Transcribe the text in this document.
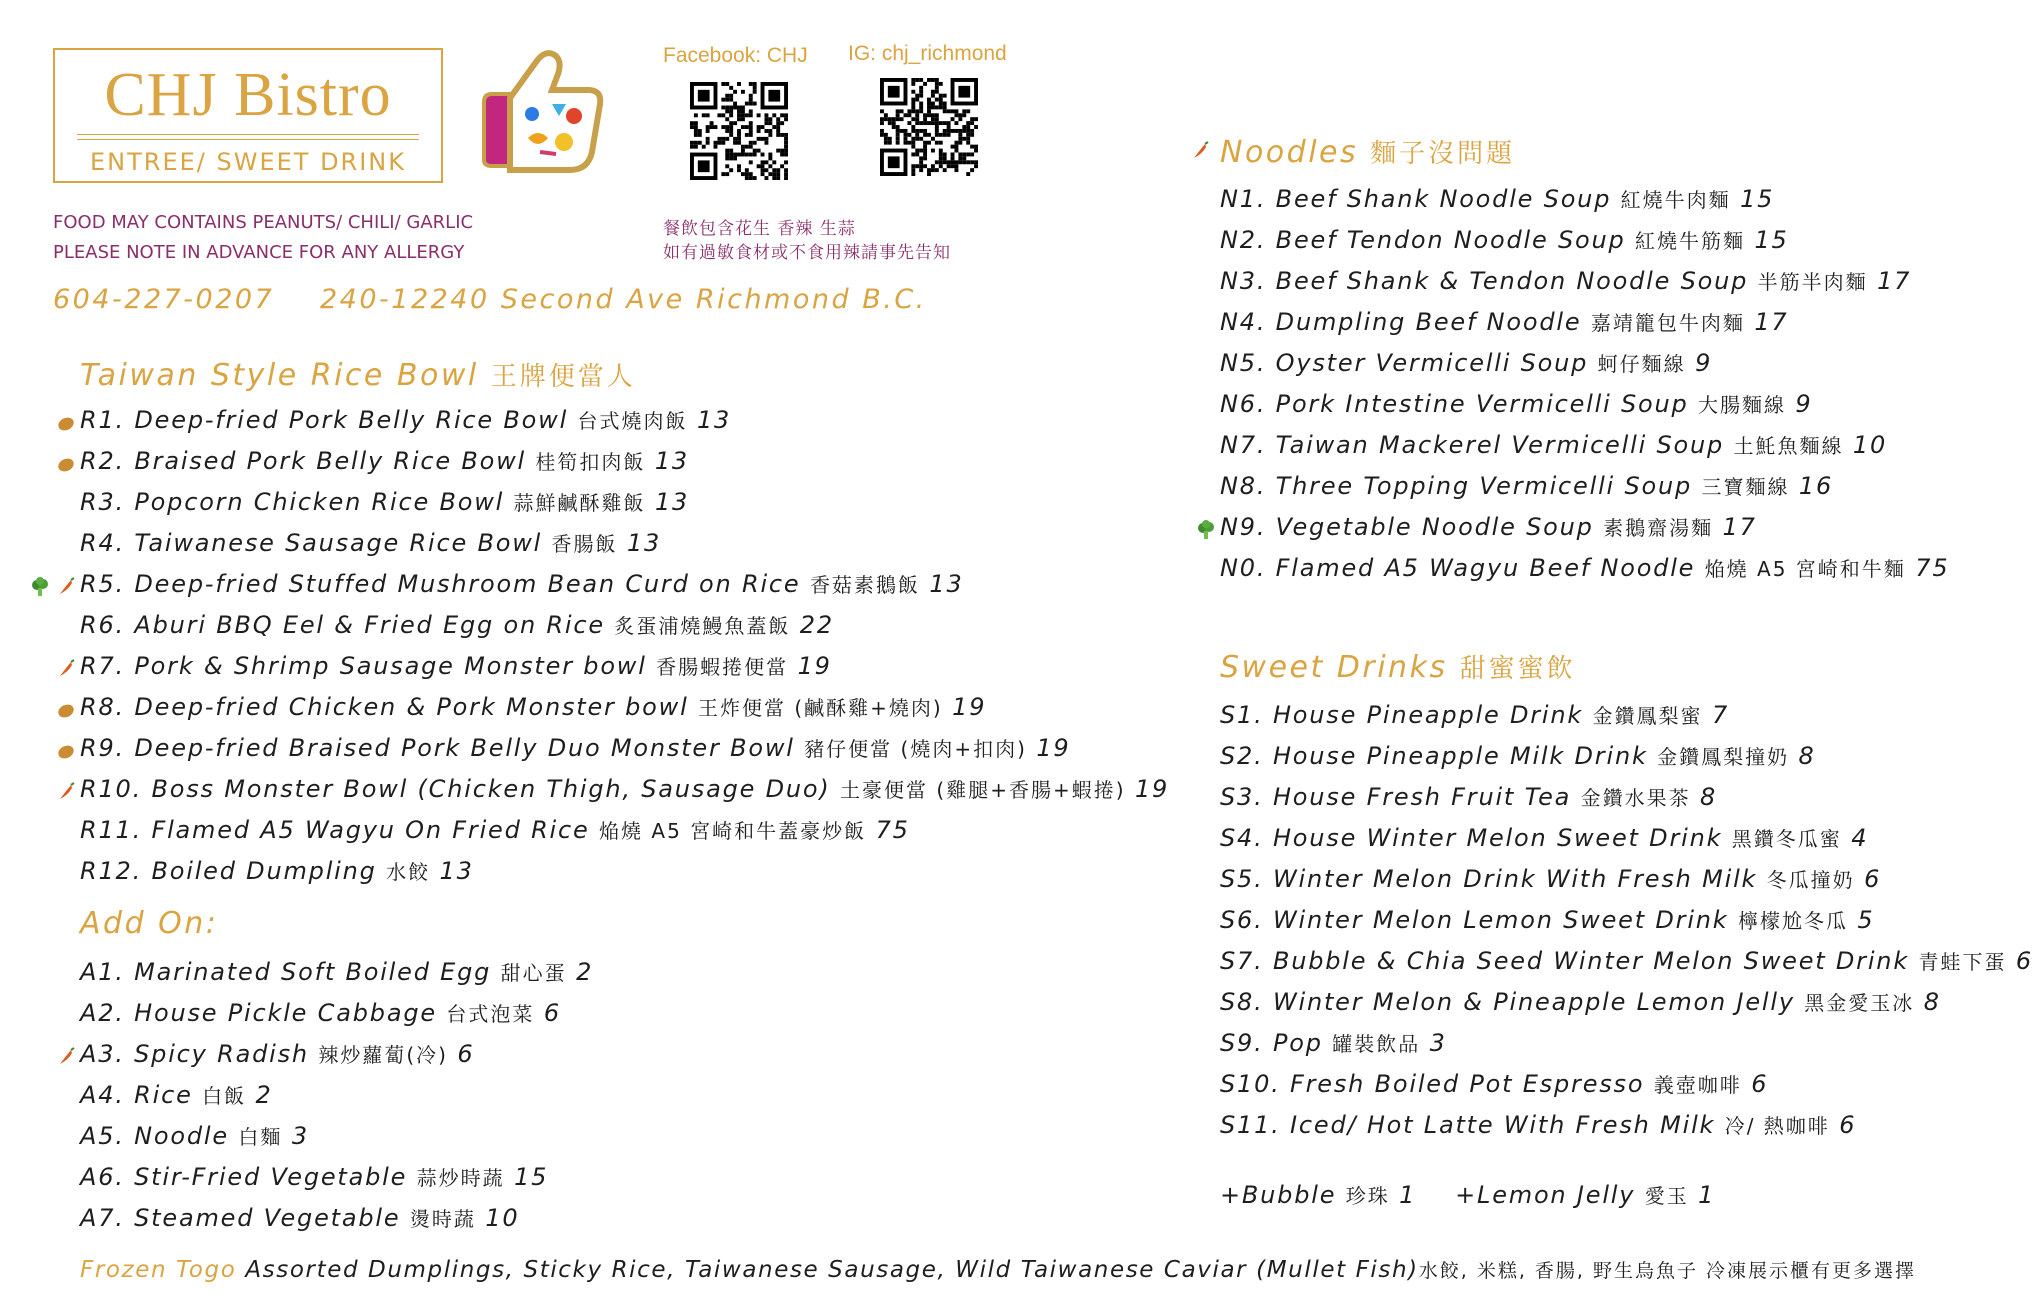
CHJ Bistro
ENTREE/ SWEET DRINK
Facebook: CHJ IG: chj_richmond
FOOD MAY CONTAINS PEANUTS/ CHILI/ GARLIC
PLEASE NOTE IN ADVANCE FOR ANY ALLERGY
餐飲包含花生 香辣 生蒜
如有過敏食材或不食用辣請事先告知
604-227-0207 240-12240 Second Ave Richmond B.C.
Taiwan Style Rice Bowl 王牌便當人
Add On:
Noodles 麵子沒問題
Sweet Drinks 甜蜜蜜飲
R1. Deep-fried Pork Belly Rice Bowl 台式燒肉飯 13
R2. Braised Pork Belly Rice Bowl 桂筍扣肉飯 13
R3. Popcorn Chicken Rice Bowl 蒜鮮鹹酥雞飯 13
R4. Taiwanese Sausage Rice Bowl 香腸飯 13
R5. Deep-fried Stuffed Mushroom Bean Curd on Rice 香菇素鵝飯 13
R6. Aburi BBQ Eel & Fried Egg on Rice 炙蛋浦燒鰻魚蓋飯 22
R7. Pork & Shrimp Sausage Monster bowl 香腸蝦捲便當 19
R8. Deep-fried Chicken & Pork Monster bowl 王炸便當 (鹹酥雞+燒肉) 19
R9. Deep-fried Braised Pork Belly Duo Monster Bowl 豬仔便當 (燒肉+扣肉) 19
R10. Boss Monster Bowl (Chicken Thigh, Sausage Duo) 土豪便當 (雞腿+香腸+蝦捲) 19
R11. Flamed A5 Wagyu On Fried Rice 焔燒 A5 宮崎和牛蓋豪炒飯 75
R12. Boiled Dumpling 水餃 13
A1. Marinated Soft Boiled Egg 甜心蛋 2
A2. House Pickle Cabbage 台式泡菜 6
A3. Spicy Radish 辣炒蘿蔔(冷) 6
A4. Rice 白飯 2
A5. Noodle 白麵 3
A6. Stir-Fried Vegetable 蒜炒時蔬 15
A7. Steamed Vegetable 燙時蔬 10
N1. Beef Shank Noodle Soup 紅燒牛肉麵 15
N2. Beef Tendon Noodle Soup 紅燒牛筋麵 15
N3. Beef Shank & Tendon Noodle Soup 半筋半肉麵 17
N4. Dumpling Beef Noodle 嘉靖籠包牛肉麵 17
N5. Oyster Vermicelli Soup 蚵仔麵線 9
N6. Pork Intestine Vermicelli Soup 大腸麵線 9
N7. Taiwan Mackerel Vermicelli Soup 土魠魚麵線 10
N8. Three Topping Vermicelli Soup 三寶麵線 16
N9. Vegetable Noodle Soup 素鵝齋湯麵 17
N0. Flamed A5 Wagyu Beef Noodle 焔燒 A5 宮崎和牛麵 75
S1. House Pineapple Drink 金鑽鳳梨蜜 7
S2. House Pineapple Milk Drink 金鑽鳳梨撞奶 8
S3. House Fresh Fruit Tea 金鑽水果茶 8
S4. House Winter Melon Sweet Drink 黑鑽冬瓜蜜 4
S5. Winter Melon Drink With Fresh Milk 冬瓜撞奶 6
S6. Winter Melon Lemon Sweet Drink 檸檬尬冬瓜 5
S7. Bubble & Chia Seed Winter Melon Sweet Drink 青蛙下蛋 6
S8. Winter Melon & Pineapple Lemon Jelly 黑金愛玉冰 8
S9. Pop 罐裝飲品 3
S10. Fresh Boiled Pot Espresso 義壺咖啡 6
S11. Iced/ Hot Latte With Fresh Milk 冷/ 熱咖啡 6
+Bubble 珍珠 1 +Lemon Jelly 愛玉 1
Frozen Togo Assorted Dumplings, Sticky Rice, Taiwanese Sausage, Wild Taiwanese Caviar (Mullet Fish)水餃, 米糕, 香腸, 野生烏魚子 冷凍展示櫃有更多選擇
